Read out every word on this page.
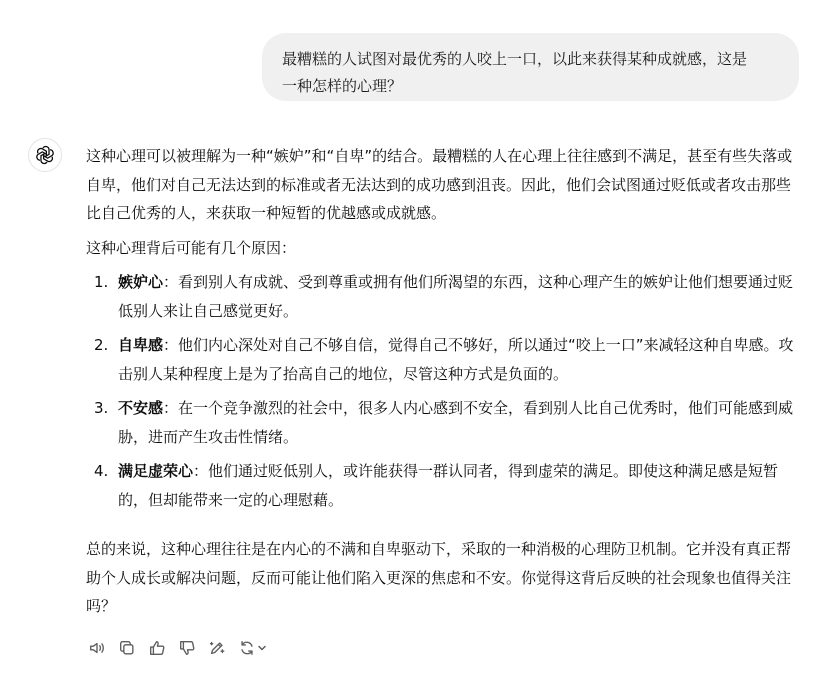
最糟糕的人试图对最优秀的人咬上一口，以此来获得某种成就感，这是
一种怎样的心理？

这种心理可以被理解为一种“嫉妒”和“自卑”的结合。最糟糕的人在心理上往往感到不满足，甚至有些失落或自卑，他们对自己无法达到的标准或者无法达到的成功感到沮丧。因此，他们会试图通过贬低或者攻击那些比自己优秀的人，来获取一种短暂的优越感或成就感。

这种心理背后可能有几个原因：

1. 嫉妒心：看到别人有成就、受到尊重或拥有他们所渴望的东西，这种心理产生的嫉妒让他们想要通过贬低别人来让自己感觉更好。
2. 自卑感：他们内心深处对自己不够自信，觉得自己不够好，所以通过“咬上一口”来减轻这种自卑感。攻击别人某种程度上是为了抬高自己的地位，尽管这种方式是负面的。
3. 不安感：在一个竞争激烈的社会中，很多人内心感到不安全，看到别人比自己优秀时，他们可能感到威胁，进而产生攻击性情绪。
4. 满足虚荣心：他们通过贬低别人，或许能获得一群认同者，得到虚荣的满足。即使这种满足感是短暂的，但却能带来一定的心理慰藉。

总的来说，这种心理往往是在内心的不满和自卑驱动下，采取的一种消极的心理防卫机制。它并没有真正帮助个人成长或解决问题，反而可能让他们陷入更深的焦虑和不安。你觉得这背后反映的社会现象也值得关注吗？
